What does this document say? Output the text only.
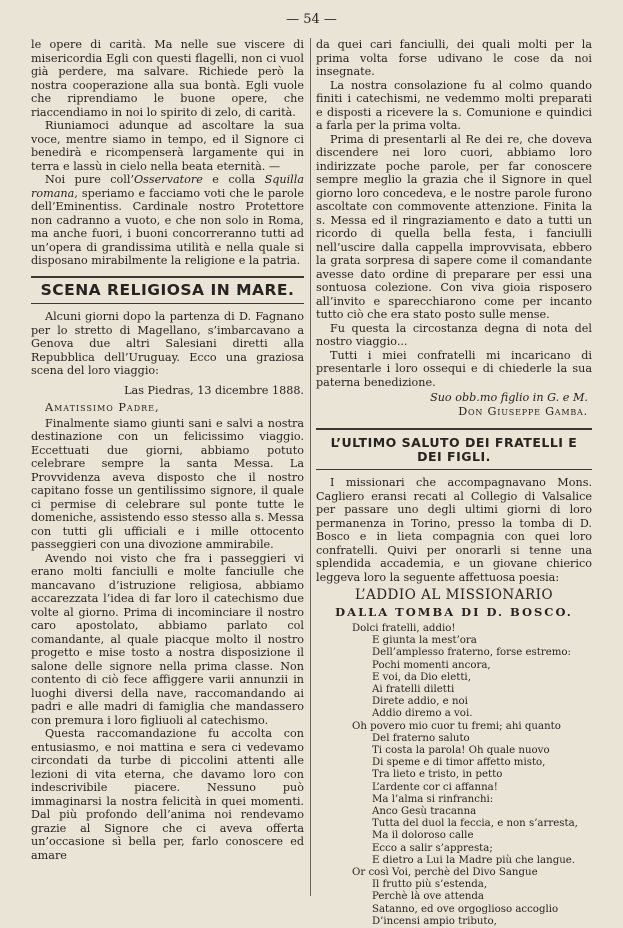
— 54 —

le opere di carità. Ma nelle sue viscere di misericordia Egli con questi flagelli, non ci vuol già perdere, ma salvare. Richiede però la nostra cooperazione alla sua bontà. Egli vuole che riprendiamo le buone opere, che riaccendiamo in noi lo spirito di zelo, di carità.

Riuniamoci adunque ad ascoltare la sua voce, mentre siamo in tempo, ed il Signore ci benedirà e ricompenserà largamente qui in terra e lassù in cielo nella beata eternità. —

Noi pure coll’Osservatore e colla Squilla romana, speriamo e facciamo voti che le parole dell’Eminentiss. Cardinale nostro Protettore non cadranno a vuoto, e che non solo in Roma, ma anche fuori, i buoni concorreranno tutti ad un’opera di grandissima utilità e nella quale si disposano mirabilmente la religione e la patria.

SCENA RELIGIOSA IN MARE.

Alcuni giorni dopo la partenza di D. Fagnano per lo stretto di Magellano, s’imbarcavano a Genova due altri Salesiani diretti alla Repubblica dell’Uruguay. Ecco una graziosa scena del loro viaggio:

Las Piedras, 13 dicembre 1888.
Amatissimo Padre,

Finalmente siamo giunti sani e salvi a nostra destinazione con un felicissimo viaggio. Eccettuati due giorni, abbiamo potuto celebrare sempre la santa Messa. La Provvidenza aveva disposto che il nostro capitano fosse un gentilissimo signore, il quale ci permise di celebrare sul ponte tutte le domeniche, assistendo esso stesso alla s. Messa con tutti gli ufficiali e i mille ottocento passeggieri con una divozione ammirabile.

Avendo noi visto che fra i passeggieri vi erano molti fanciulli e molte fanciulle che mancavano d’istruzione religiosa, abbiamo accarezzata l’idea di far loro il catechismo due volte al giorno. Prima di incominciare il nostro caro apostolato, abbiamo parlato col comandante, al quale piacque molto il nostro progetto e mise tosto a nostra disposizione il salone delle signore nella prima classe. Non contento di ciò fece affiggere varii annunzii in luoghi diversi della nave, raccomandando ai padri e alle madri di famiglia che mandassero con premura i loro figliuoli al catechismo.

Questa raccomandazione fu accolta con entusiasmo, e noi mattina e sera ci vedevamo circondati da turbe di piccolini attenti alle lezioni di vita eterna, che davamo loro con indescrivibile piacere. Nessuno può immaginarsi la nostra felicità in quei momenti. Dal più profondo dell’anima noi rendevamo grazie al Signore che ci aveva offerta un’occasione sì bella per, farlo conoscere ed amare

da quei cari fanciulli, dei quali molti per la prima volta forse udivano le cose da noi insegnate.

La nostra consolazione fu al colmo quando finiti i catechismi, ne vedemmo molti preparati e disposti a ricevere la s. Comunione e quindici a farla per la prima volta.

Prima di presentarli al Re dei re, che doveva discendere nei loro cuori, abbiamo loro indirizzate poche parole, per far conoscere sempre meglio la grazia che il Signore in quel giorno loro concedeva, e le nostre parole furono ascoltate con commovente attenzione. Finita la s. Messa ed il ringraziamento e dato a tutti un ricordo di quella bella festa, i fanciulli nell’uscire dalla cappella improvvisata, ebbero la grata sorpresa di sapere come il comandante avesse dato ordine di preparare per essi una sontuosa colezione. Con viva gioia risposero all’invito e sparecchiarono come per incanto tutto ciò che era stato posto sulle mense.

Fu questa la circostanza degna di nota del nostro viaggio...

Tutti i miei confratelli mi incaricano di presentarle i loro ossequi e di chiederle la sua paterna benedizione.

Suo obb.mo figlio in G. e M.
Don Giuseppe Gamba.
L’ULTIMO SALUTO DEI FRATELLI E DEI FIGLI.

I missionari che accompagnavano Mons. Cagliero eransi recati al Collegio di Valsalice per passare uno degli ultimi giorni di loro permanenza in Torino, presso la tomba di D. Bosco e in lieta compagnia con quei loro confratelli. Quivi per onorarli si tenne una splendida accademia, e un giovane chierico leggeva loro la seguente affettuosa poesia:

L’ADDIO AL MISSIONARIO
DALLA TOMBA DI D. BOSCO.
Dolci fratelli, addio!
E giunta la mest’ora
Dell’amplesso fraterno, forse estremo:
Pochi momenti ancora,
E voi, da Dio eletti,
Ai fratelli diletti
Direte addio, e noi
Addio diremo a voi.
Oh povero mio cuor tu fremi; ahi quanto
Del fraterno saluto
Ti costa la parola! Oh quale nuovo
Di speme e di timor affetto misto,
Tra lieto e tristo, in petto
L’ardente cor ci affanna!
Ma l’alma si rinfranchi:
Anco Gesù tracanna
Tutta del duol la feccia, e non s’arresta,
Ma il doloroso calle
Ecco a salir s’appresta;
E dietro a Lui la Madre più che langue.
Or così Voi, perchè del Divo Sangue
Il frutto più s’estenda,
Perchè là ove attenda
Satanno, ed ove orgoglioso accoglio
D’incensi ampio tributo,
